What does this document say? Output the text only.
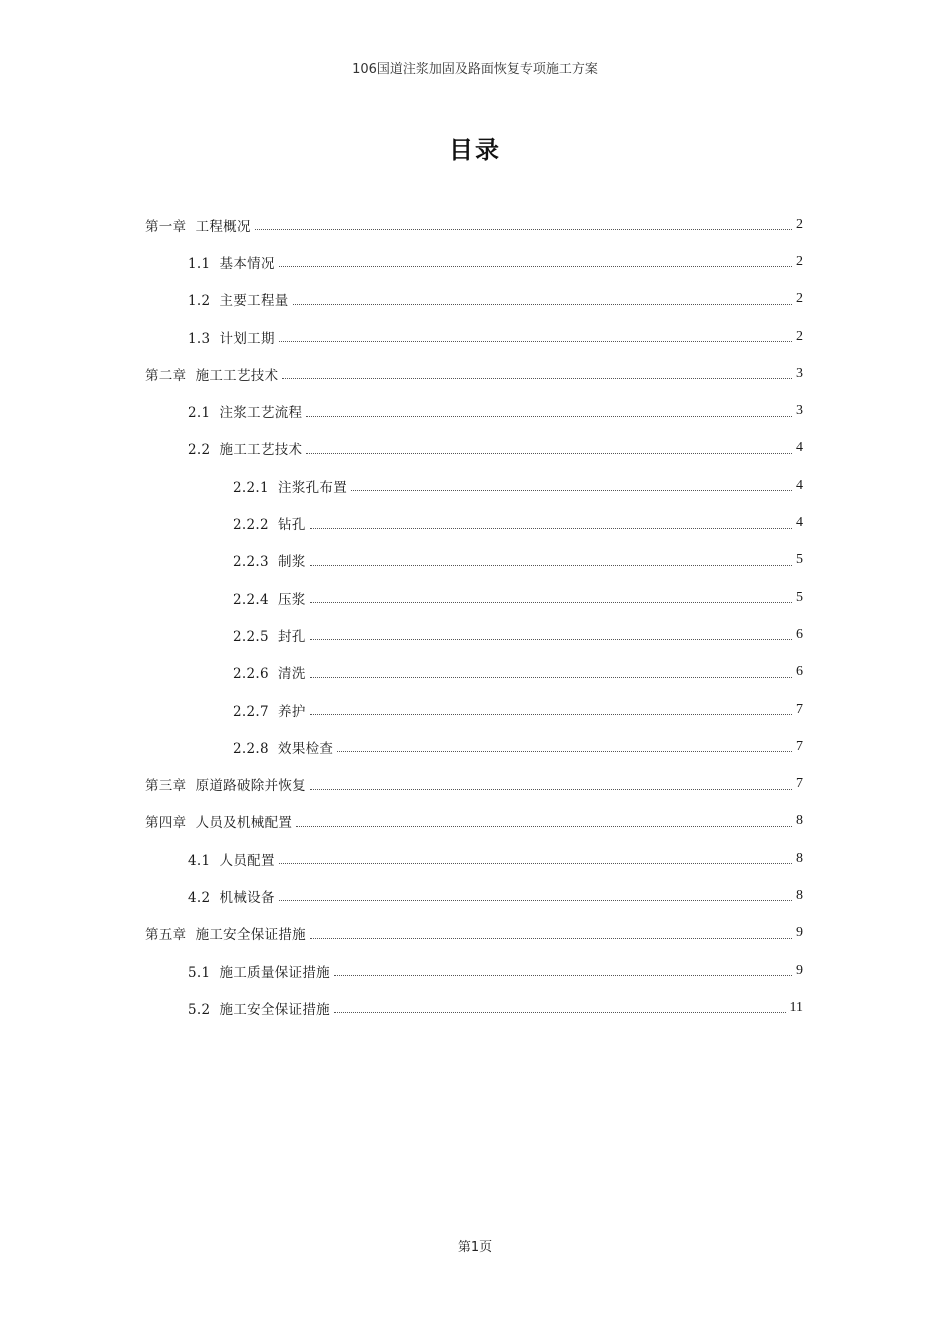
106国道注浆加固及路面恢复专项施工方案
目录
第一章  工程概况	2
1.1  基本情况	2
1.2  主要工程量	2
1.3  计划工期	2
第二章  施工工艺技术	3
2.1  注浆工艺流程	3
2.2  施工工艺技术	4
2.2.1  注浆孔布置	4
2.2.2  钻孔	4
2.2.3  制浆	5
2.2.4  压浆	5
2.2.5  封孔	6
2.2.6  清洗	6
2.2.7  养护	7
2.2.8  效果检查	7
第三章  原道路破除并恢复	7
第四章  人员及机械配置	8
4.1  人员配置	8
4.2  机械设备	8
第五章  施工安全保证措施	9
5.1  施工质量保证措施	9
5.2  施工安全保证措施	11
第1页
